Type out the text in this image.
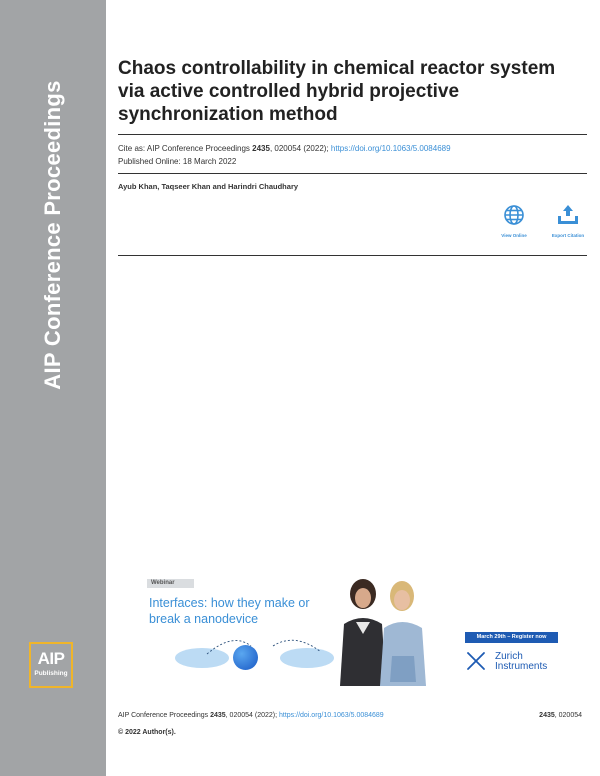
AIP Conference Proceedings
AIP
Publishing
Chaos controllability in chemical reactor system via active controlled hybrid projective synchronization method
Cite as: AIP Conference Proceedings 2435, 020054 (2022); https://doi.org/10.1063/5.0084689
Published Online: 18 March 2022
Ayub Khan, Taqseer Khan and Harindri Chaudhary
View Online	Export Citation
Webinar
Interfaces: how they make or break a nanodevice
March 29th – Register now
Zurich
Instruments
AIP Conference Proceedings 2435, 020054 (2022); https://doi.org/10.1063/5.0084689	2435, 020054
© 2022 Author(s).
